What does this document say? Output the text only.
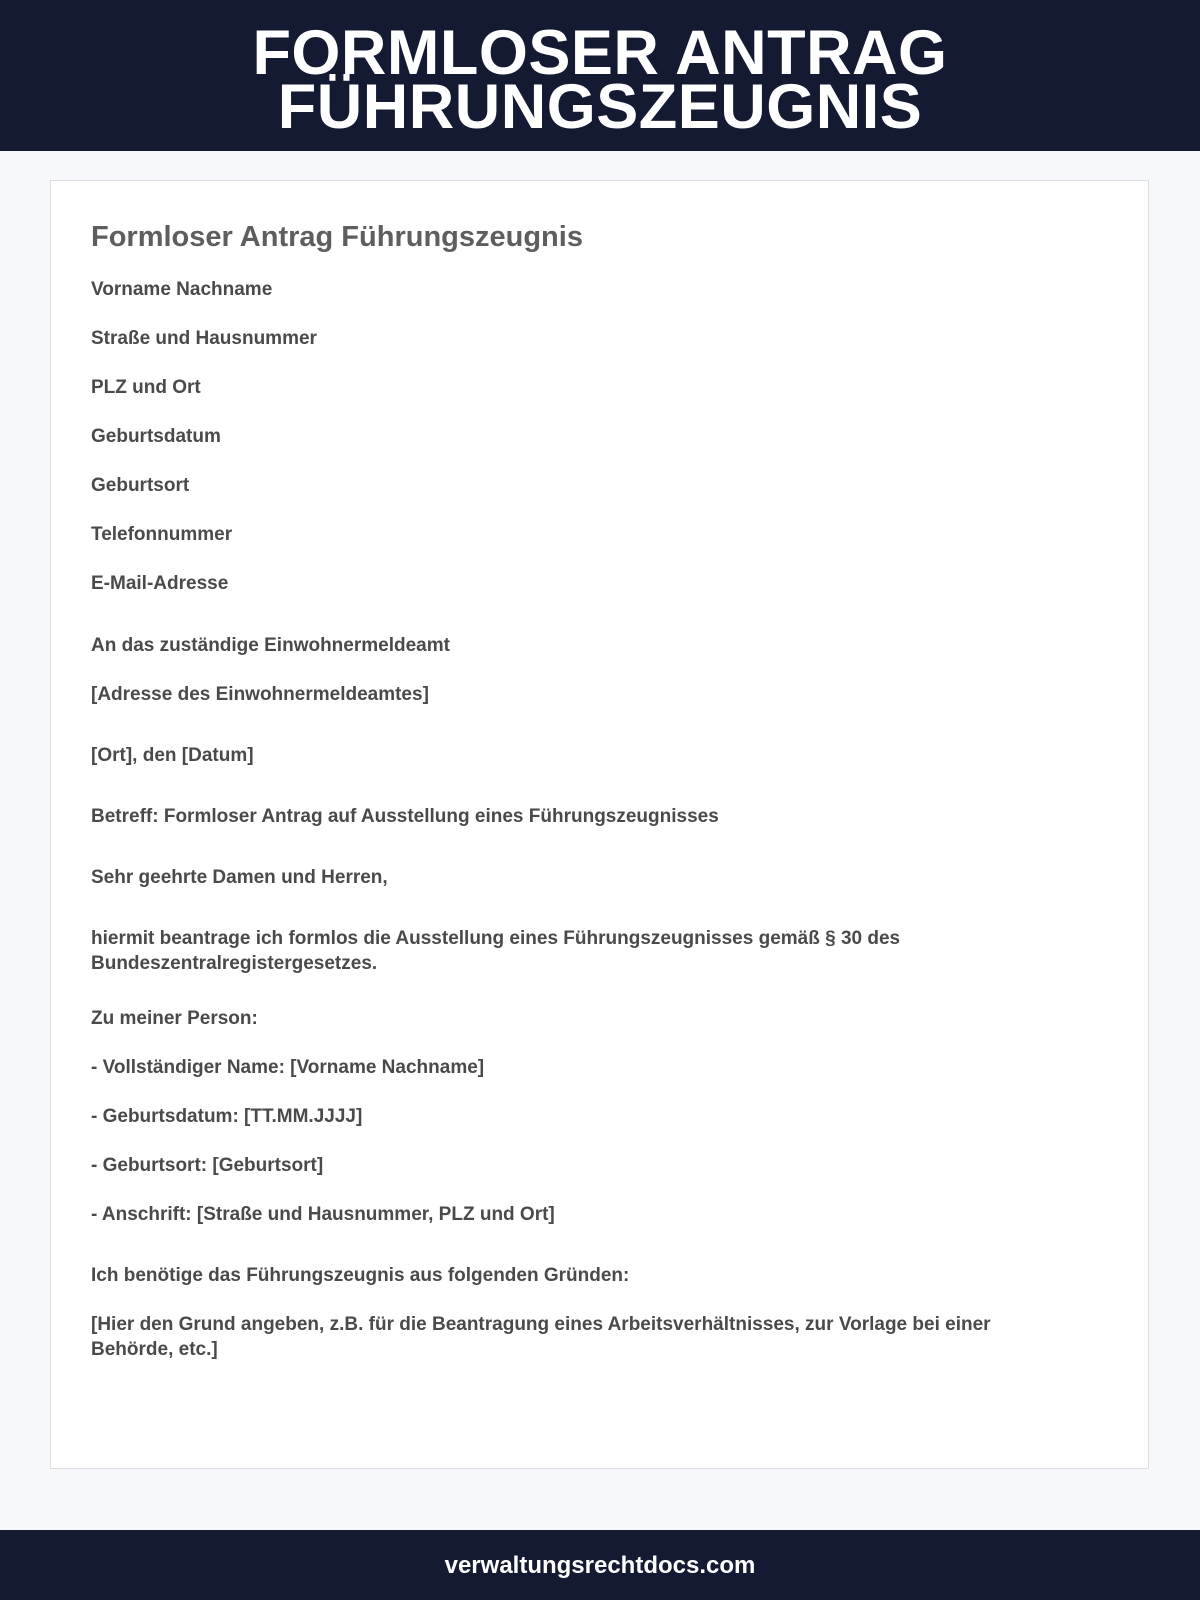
FORMLOSER ANTRAG
FÜHRUNGSZEUGNIS
Formloser Antrag Führungszeugnis

Vorname Nachname

Straße und Hausnummer

PLZ und Ort

Geburtsdatum

Geburtsort

Telefonnummer

E-Mail-Adresse

An das zuständige Einwohnermeldeamt

[Adresse des Einwohnermeldeamtes]

[Ort], den [Datum]

Betreff: Formloser Antrag auf Ausstellung eines Führungszeugnisses

Sehr geehrte Damen und Herren,

hiermit beantrage ich formlos die Ausstellung eines Führungszeugnisses gemäß § 30 des Bundeszentralregistergesetzes.

Zu meiner Person:

- Vollständiger Name: [Vorname Nachname]

- Geburtsdatum: [TT.MM.JJJJ]

- Geburtsort: [Geburtsort]

- Anschrift: [Straße und Hausnummer, PLZ und Ort]

Ich benötige das Führungszeugnis aus folgenden Gründen:

[Hier den Grund angeben, z.B. für die Beantragung eines Arbeitsverhältnisses, zur Vorlage bei einer Behörde, etc.]

verwaltungsrechtdocs.com
